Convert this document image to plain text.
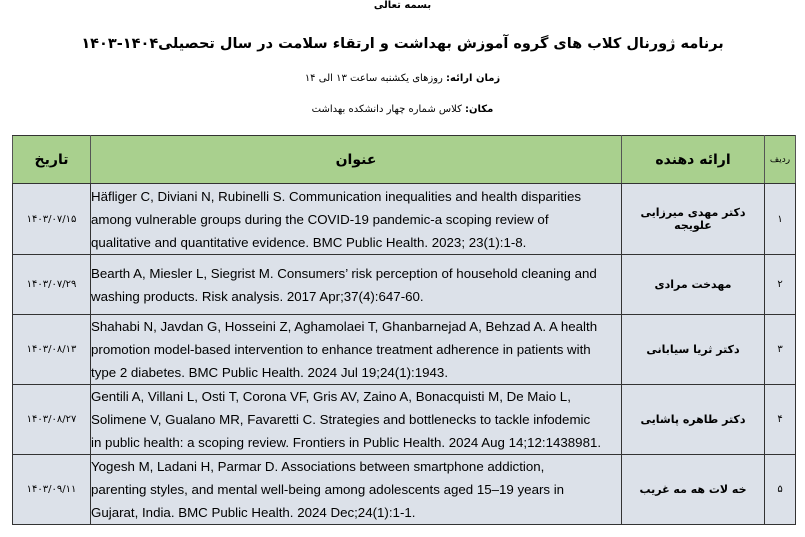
بسمه تعالی
برنامه ژورنال کلاب های گروه آموزش بهداشت و ارتقاء سلامت در سال تحصیلی۱۴۰۴-۱۴۰۳
زمان ارائه: روزهای یکشنبه ساعت ۱۳ الی ۱۴
مکان: کلاس شماره چهار دانشکده بهداشت
تاریخ	عنوان	ارائه دهنده	ردیف
۱۴۰۳/۰۷/۱۵	Häfliger C, Diviani N, Rubinelli S. Communication inequalities and health disparities
among vulnerable groups during the COVID-19 pandemic-a scoping review of
qualitative and quantitative evidence. BMC Public Health. 2023; 23(1):1-8.	دکتر مهدی میرزایی علویجه	۱
۱۴۰۳/۰۷/۲۹	Bearth A, Miesler L, Siegrist M. Consumers’ risk perception of household cleaning and
washing products. Risk analysis. 2017 Apr;37(4):647-60.	مهدخت مرادی	۲
۱۴۰۳/۰۸/۱۳	Shahabi N, Javdan G, Hosseini Z, Aghamolaei T, Ghanbarnejad A, Behzad A. A health
promotion model-based intervention to enhance treatment adherence in patients with
type 2 diabetes. BMC Public Health. 2024 Jul 19;24(1):1943.	دکتر ثریا سیابانی	۳
۱۴۰۳/۰۸/۲۷	Gentili A, Villani L, Osti T, Corona VF, Gris AV, Zaino A, Bonacquisti M, De Maio L,
Solimene V, Gualano MR, Favaretti C. Strategies and bottlenecks to tackle infodemic
in public health: a scoping review. Frontiers in Public Health. 2024 Aug 14;12:1438981.	دکتر طاهره پاشایی	۴
۱۴۰۳/۰۹/۱۱	Yogesh M, Ladani H, Parmar D. Associations between smartphone addiction,
parenting styles, and mental well-being among adolescents aged 15–19 years in
Gujarat, India. BMC Public Health. 2024 Dec;24(1):1-1.	خه لات هه مه غریب	۵
